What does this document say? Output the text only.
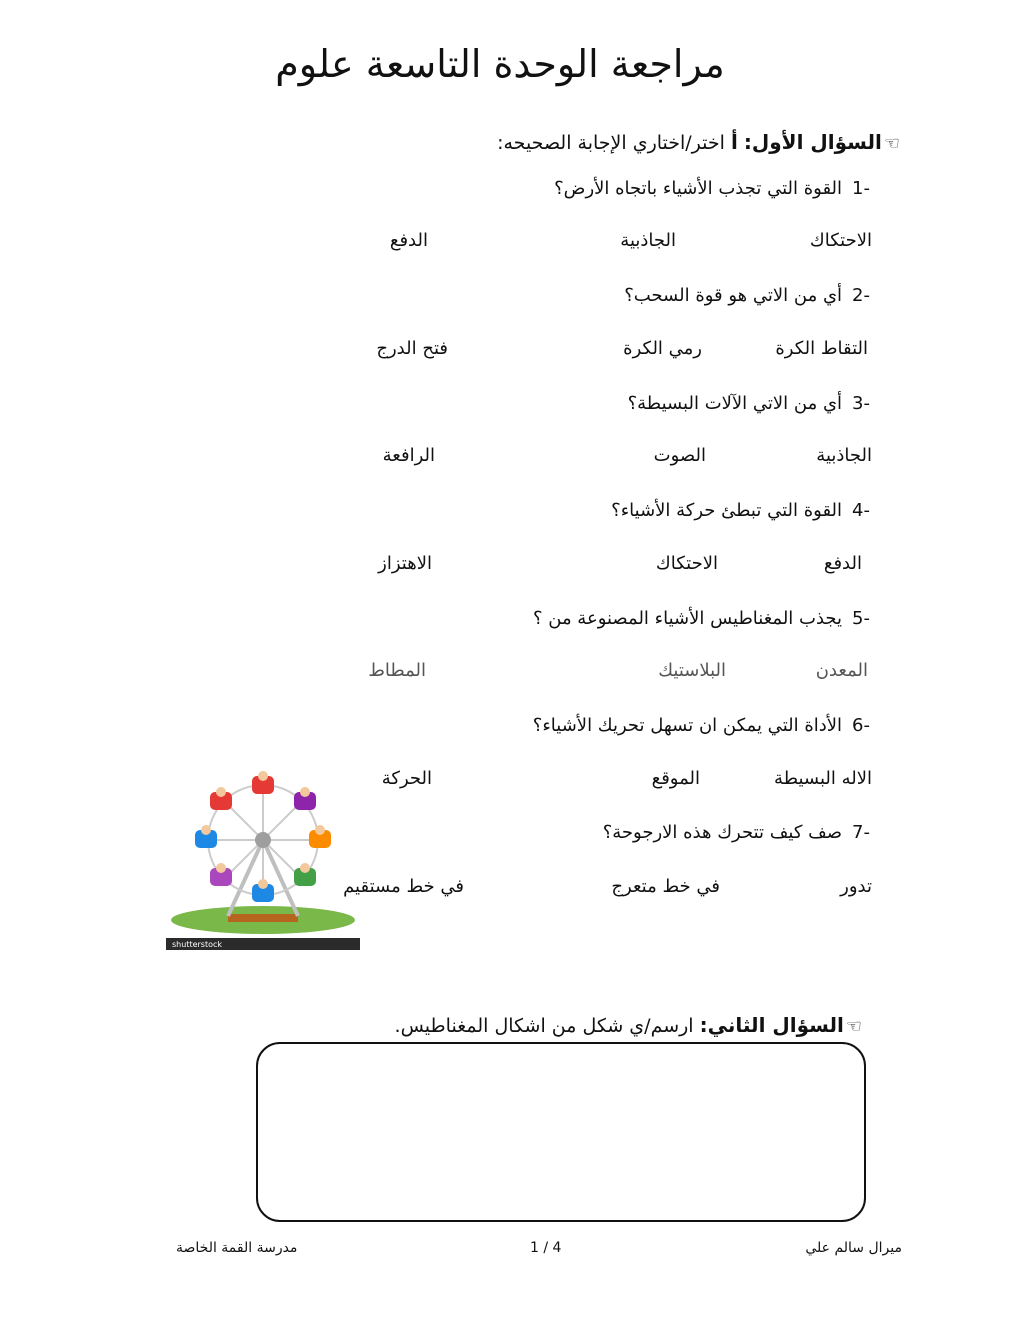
مراجعة الوحدة التاسعة علوم
☜السؤال الأول: أ اختر/اختاري الإجابة الصحيحه:
-1القوة التي تجذب الأشياء باتجاه الأرض؟
الاحتكاك
الجاذبية
الدفع
-2أي من الاتي هو قوة السحب؟
التقاط الكرة
رمي الكرة
فتح الدرج
-3أي من الاتي الآلات البسيطة؟
الجاذبية
الصوت
الرافعة
-4القوة التي تبطئ حركة الأشياء؟
الدفع
الاحتكاك
الاهتزاز
-5يجذب المغناطيس الأشياء المصنوعة من ؟
المعدن
البلاستيك
المطاط
-6الأداة التي يمكن ان تسهل تحريك الأشياء؟
الاله البسيطة
الموقع
الحركة
-7صف كيف تتحرك هذه الارجوحة؟
تدور
في خط متعرج
في خط مستقيم
shutterstock
☜السؤال الثاني: ارسم/ي شكل من اشكال المغناطيس.
ميرال سالم علي
1 / 4
مدرسة القمة الخاصة
